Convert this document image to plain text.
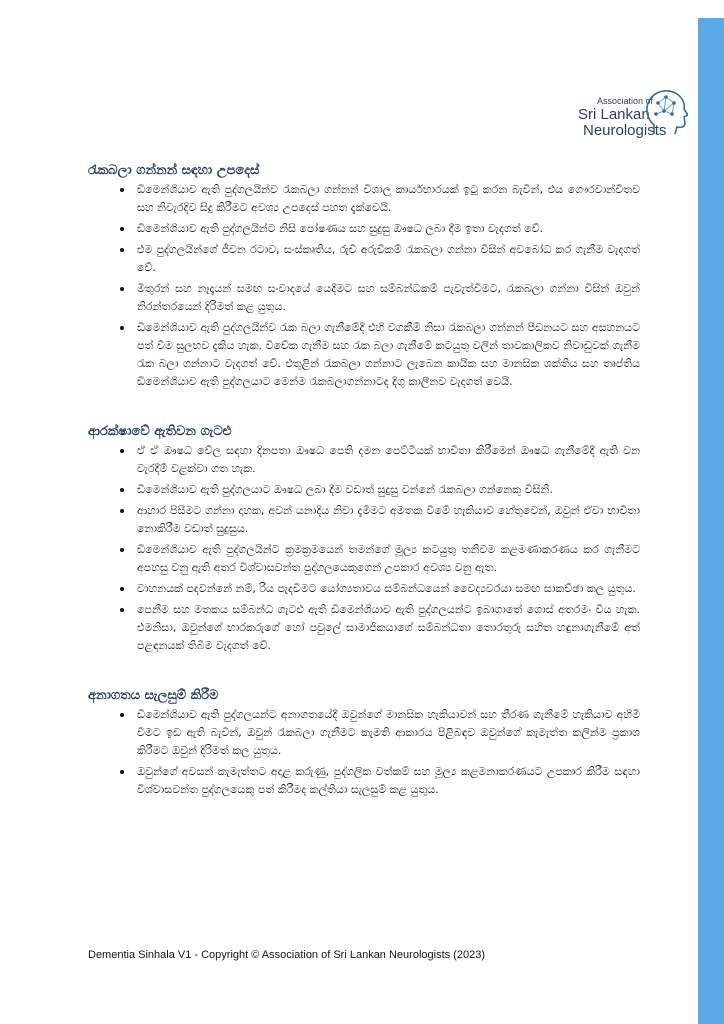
Association of
Sri Lankan
Neurologists
රැකබලා ගන්නන් සඳහා උපදෙස්
ඩිමෙන්ශියාව ඇති පුද්ගලයින්ව රැකබලා ගන්නන් විශාල කාර්යභාරයක් ඉටු කරන බැවින්, එය ගෞරවාන්විතව සහ නිවැරදිව සිදු කිරීමට අවශ්‍ය උපදෙස් පහත දැක්වෙයි.
ඩිමෙන්ශියාව ඇති පුද්ගලයින්ට නිසි පෝෂණය සහ සුදුසු ඖෂධ ලබා දීම ඉතා වැදගත් වේ.
එම පුද්ගලයින්ගේ ජීවන රටාව, සංස්කෘතිය, රුචි අරුචිකම් රැකබලා ගන්නා විසින් අවබෝධ කර ගැනීම වැදගත් වේ.
මිතුරන් සහ නෑදෑයන් සමඟ සංවාදයේ යෙදීමට සහ සම්බන්ධකම් පැවැත්වීමට, රැකබලා ගන්නා විසින් ඔවුන් නිරන්තරයෙන් දිරිමත් කළ යුතුය.
ඩිමෙන්ශියාව ඇති පුද්ගලයින්ව රැක බලා ගැනීමේදී එහි වගකීම් නිසා රැකබලා ගන්නන් පීඩනයට සහ අසහනයට පත් වීම සුලභව දැකිය හැක. විවේක ගැනීම සහ රැක බලා ගැනීමේ කටයුතු වලින් තාවකාලිකව නිවාඩුවක් ගැනීම රැක බලා ගන්නාට වැදගත් වේ. එතුළින් රැකබලා ගන්නාට ලැබෙන කායික සහ මානසික ශක්තිය සහ තෘප්තිය ඩිමෙන්ශියාව ඇති පුද්ගලයාට මෙන්ම රැකබලාගන්නාටද දිගු කාලීනව වැදගත් වෙයි.
ආරක්ෂාවේ ඇතිවන ගැටළු
ඒ ඒ ඖෂධ වේල සඳහා දිනපතා ඖෂධ පෙති දමන පෙට්ටියක් භාවිතා කිරීමෙන් ඖෂධ ගැනීමේදී ඇති වන වැරදීම් වළක්වා ගත හැක.
ඩිමෙන්ශියාව ඇති පුද්ගලයාට ඖෂධ ලබා දීම වඩාත් සුදුසු වන්නේ රැකබලා ගන්නෙකු විසිනි.
ආහාර පිසීමට ගන්නා දාහක, අවන් යනාදිය නිවා දැමීමට අමතක වීමේ හැකියාව හේතුවෙන්, ඔවුන් ඒවා භාවිතා නොකිරීම වඩාත් සුදුසුය.
ඩිමෙන්ශියාව ඇති පුද්ගලයින්ට ක්‍රමක්‍රමයෙන් තමන්ගේ මූල්‍ය කටයුතු තනිවම කළමණාකරණය කර ගැනීමට අපහසු වනු ඇති අතර විශ්වාසවන්ත පුද්ගලයෙකුගෙන් උපකාර අවශ්‍ය වනු ඇත.
වාහනයක් පදවන්නේ නම්, රිය පැදවීමට යෝග්‍යතාවය සම්බන්ධයෙන් වෛද්‍යවරයා සමඟ සාකච්ඡා කල යුතුය.
පෙනීම සහ මතකය සම්බන්ධ ගැටළු ඇති ඩිමෙන්ශියාව ඇති පුද්ගලයන්ට ඉබාගාතේ ගොස් අතරමං විය හැක. එමනිසා, ඔවුන්ගේ භාරකරුගේ හෝ පවුලේ සාමාජිකයාගේ සම්බන්ධතා තොරතුරු සහිත හඳුනාගැනීමේ අත් පළඳනයක් තිබීම වැදගත් වේ.
අනාගතය සැලසුම් කිරීම
ඩිමෙන්ශියාව ඇති පුද්ගලයන්ට අනාගතයේදී ඔවුන්ගේ මානසික හැකියාවන් සහ තීරණ ගැනීමේ හැකියාව අහිමි වීමට ඉඩ ඇති බැවින්, ඔවුන් රැකබලා ගැනීමට කැමති ආකාරය පිළිබඳව ඔවුන්ගේ කැමැත්ත කලින්ම ප්‍රකාශ කිරීමට ඔවුන් දිරිමත් කල යුතුය.
ඔවුන්ගේ අවසන් කැමැත්තට අදාළ කරුණු, පුද්ගලික වත්කම් සහ මූල්‍ය කළමනාකරණයට උපකාර කිරීම සඳහා විශ්වාසවන්ත පුද්ගලයෙකු පත් කිරීමද කල්තියා සැලසුම් කළ යුතුය.
Dementia Sinhala V1 - Copyright © Association of Sri Lankan Neurologists (2023)
